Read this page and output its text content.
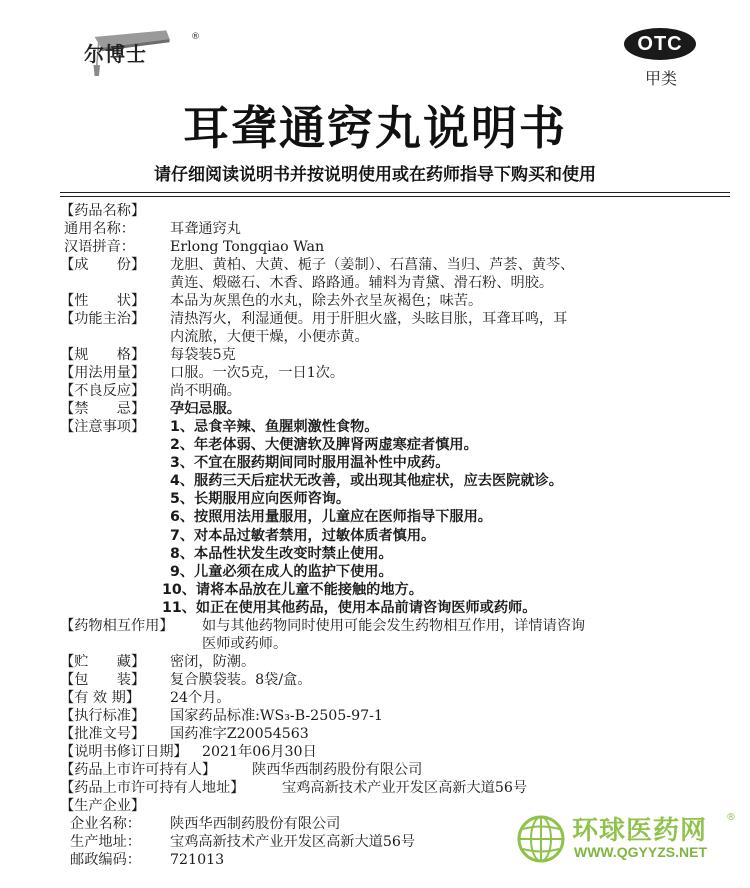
尔博士
®	OTC
甲类
耳聋通窍丸说明书
请仔细阅读说明书并按说明使用或在药师指导下购买和使用
【药品名称】
通用名称： 耳聋通窍丸
汉语拼音： Erlong Tongqiao Wan
【成　　份】 龙胆、黄柏、大黄、栀子（姜制）、石菖蒲、当归、芦荟、黄芩、
黄连、煅磁石、木香、路路通。辅料为青黛、滑石粉、明胶。
【性　　状】 本品为灰黑色的水丸，除去外衣呈灰褐色；味苦。
【功能主治】 清热泻火，利湿通便。用于肝胆火盛，头眩目胀，耳聋耳鸣，耳
内流脓，大便干燥，小便赤黄。
【规　　格】 每袋装5克
【用法用量】 口服。一次5克，一日1次。
【不良反应】 尚不明确。
【禁　　忌】 孕妇忌服。
【注意事项】 1、忌食辛辣、鱼腥刺激性食物。
2、年老体弱、大便溏软及脾肾两虚寒症者慎用。
3、不宜在服药期间同时服用温补性中成药。
4、服药三天后症状无改善，或出现其他症状，应去医院就诊。
5、长期服用应向医师咨询。
6、按照用法用量服用，儿童应在医师指导下服用。
7、对本品过敏者禁用，过敏体质者慎用。
8、本品性状发生改变时禁止使用。
9、儿童必须在成人的监护下使用。
10、请将本品放在儿童不能接触的地方。
11、如正在使用其他药品，使用本品前请咨询医师或药师。
【药物相互作用】 如与其他药物同时使用可能会发生药物相互作用，详情请咨询
医师或药师。
【贮　　藏】 密闭，防潮。
【包　　装】 复合膜袋装。8袋/盒。
【有 效 期】 24个月。
【执行标准】 国家药品标准:WS₃-B-2505-97-1
【批准文号】 国药准字Z20054563
【说明书修订日期】 2021年06月30日
【药品上市许可持有人】	陕西华西制药股份有限公司
【药品上市许可持有人地址】	宝鸡高新技术产业开发区高新大道56号
【生产企业】
企业名称： 陕西华西制药股份有限公司
生产地址： 宝鸡高新技术产业开发区高新大道56号
邮政编码： 721013
环球医药网 ®
WWW.QGYYZS.NET
